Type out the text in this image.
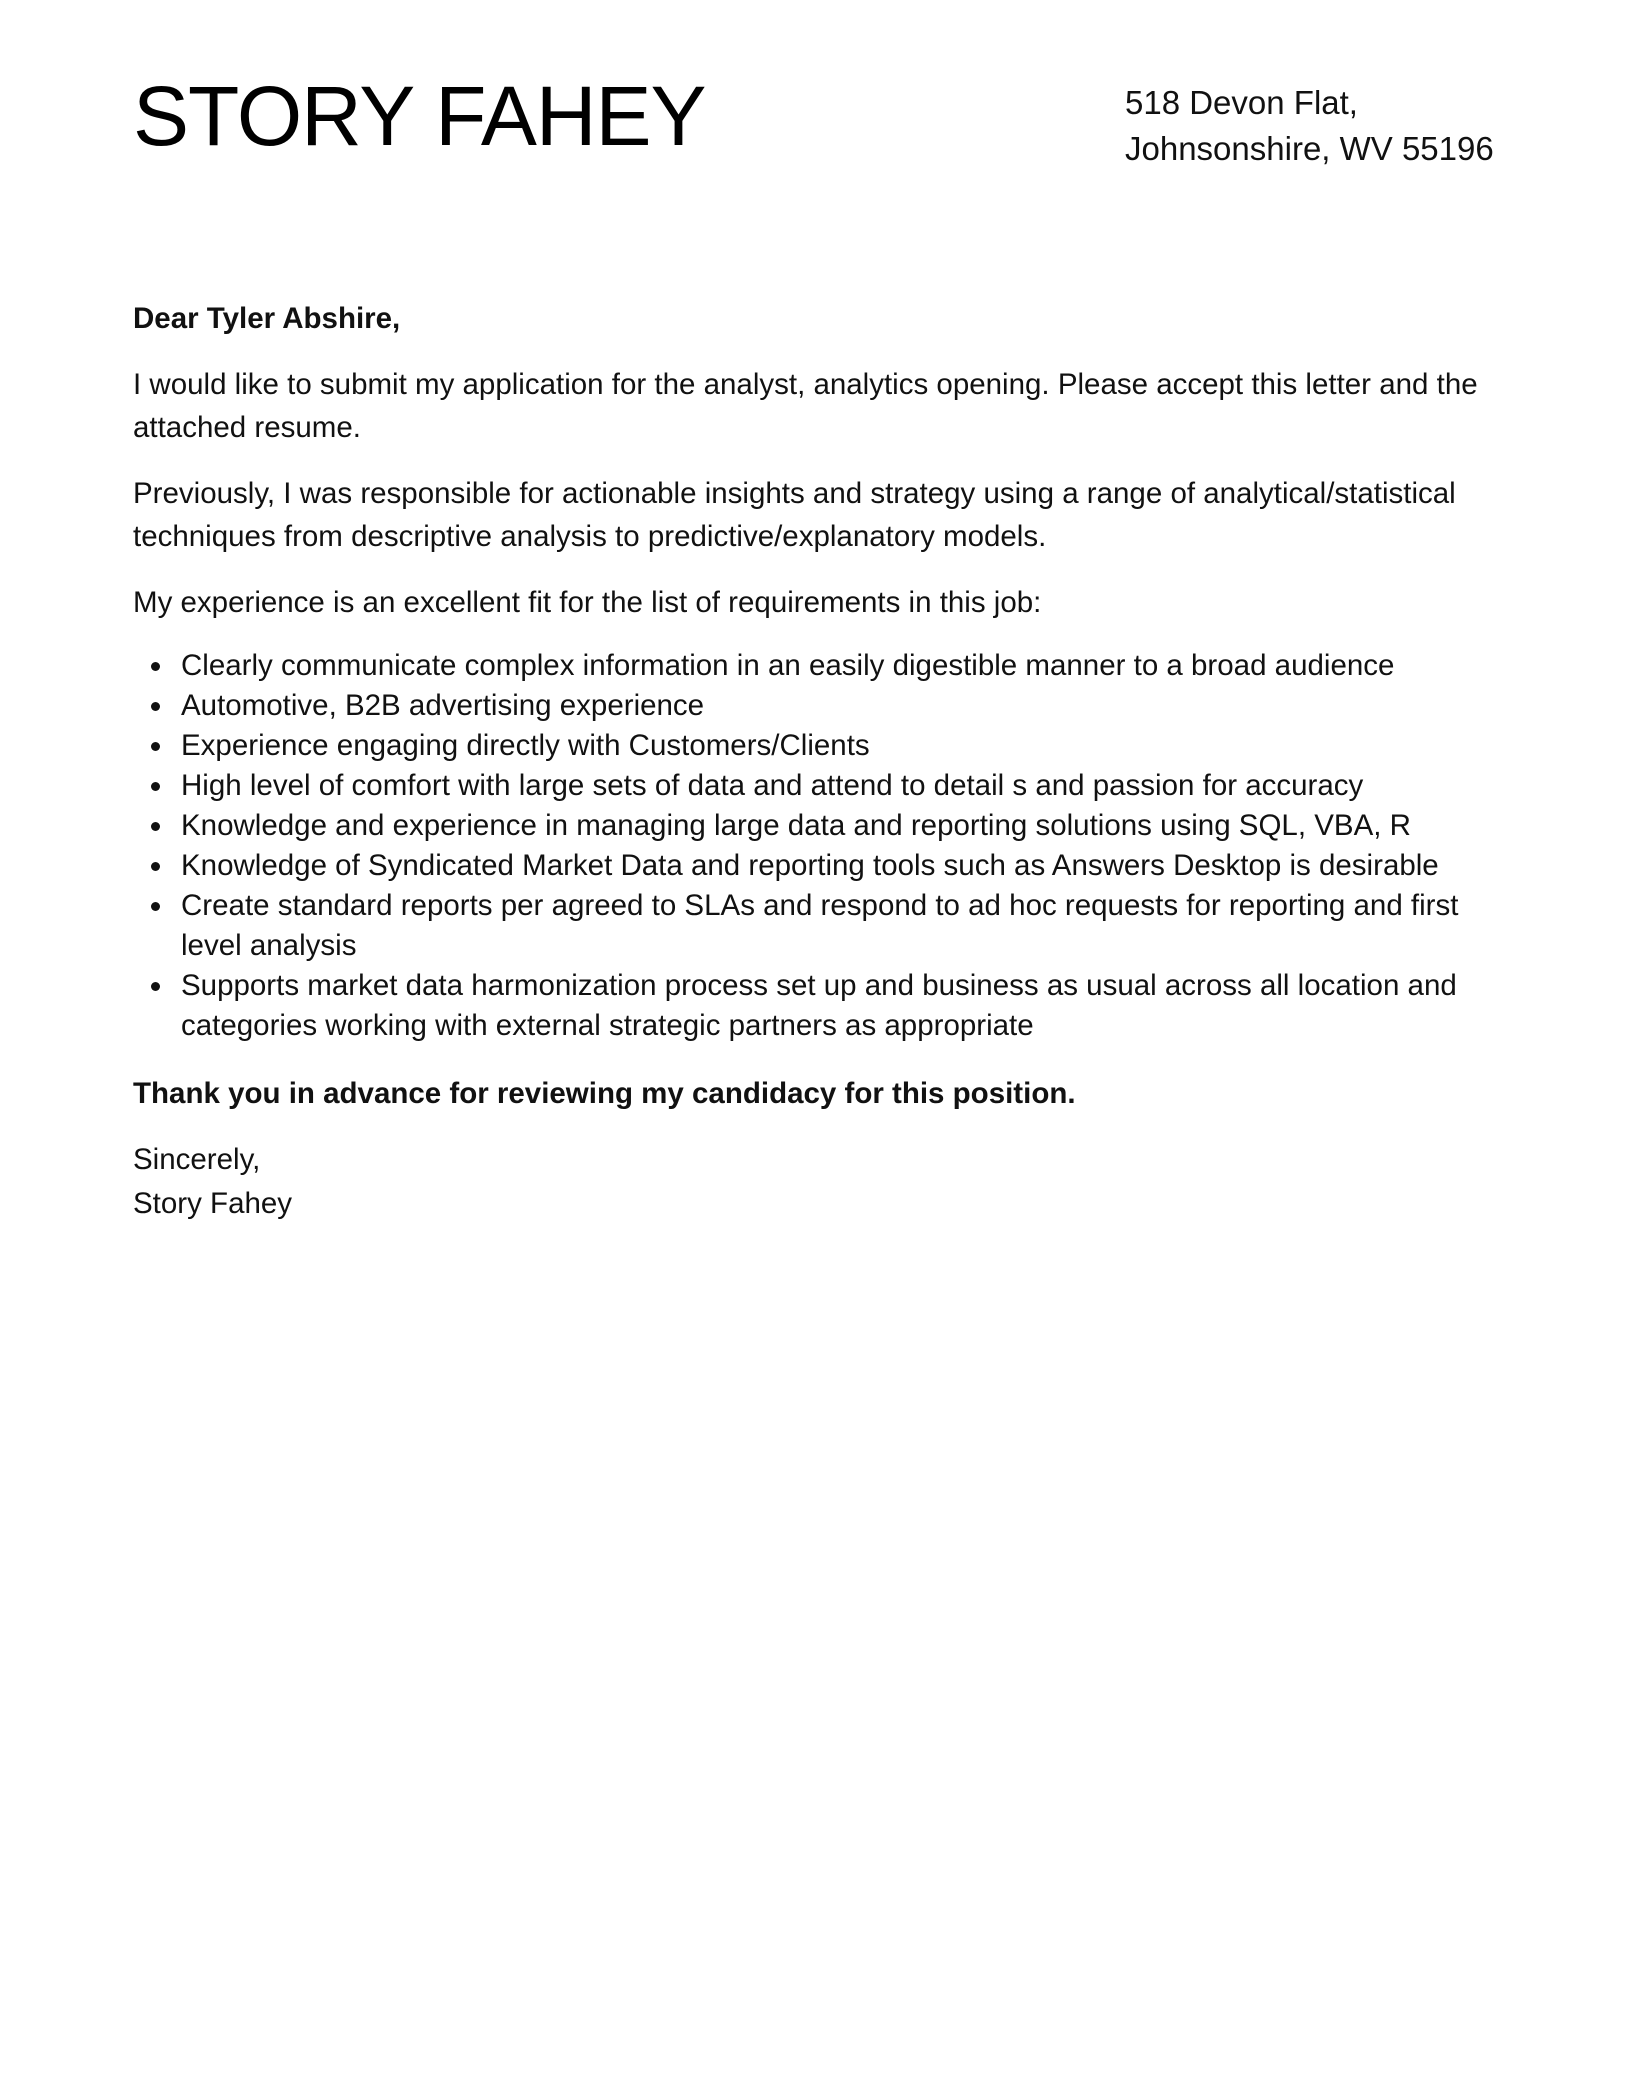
STORY FAHEY	518 Devon Flat,
Johnsonshire, WV 55196

Dear Tyler Abshire,

I would like to submit my application for the analyst, analytics opening. Please accept this letter and the attached resume.

Previously, I was responsible for actionable insights and strategy using a range of analytical/statistical techniques from descriptive analysis to predictive/explanatory models.

My experience is an excellent fit for the list of requirements in this job:

Clearly communicate complex information in an easily digestible manner to a broad audience
Automotive, B2B advertising experience
Experience engaging directly with Customers/Clients
High level of comfort with large sets of data and attend to detail s and passion for accuracy
Knowledge and experience in managing large data and reporting solutions using SQL, VBA, R
Knowledge of Syndicated Market Data and reporting tools such as Answers Desktop is desirable
Create standard reports per agreed to SLAs and respond to ad hoc requests for reporting and first level analysis
Supports market data harmonization process set up and business as usual across all location and categories working with external strategic partners as appropriate

Thank you in advance for reviewing my candidacy for this position.

Sincerely,
Story Fahey
